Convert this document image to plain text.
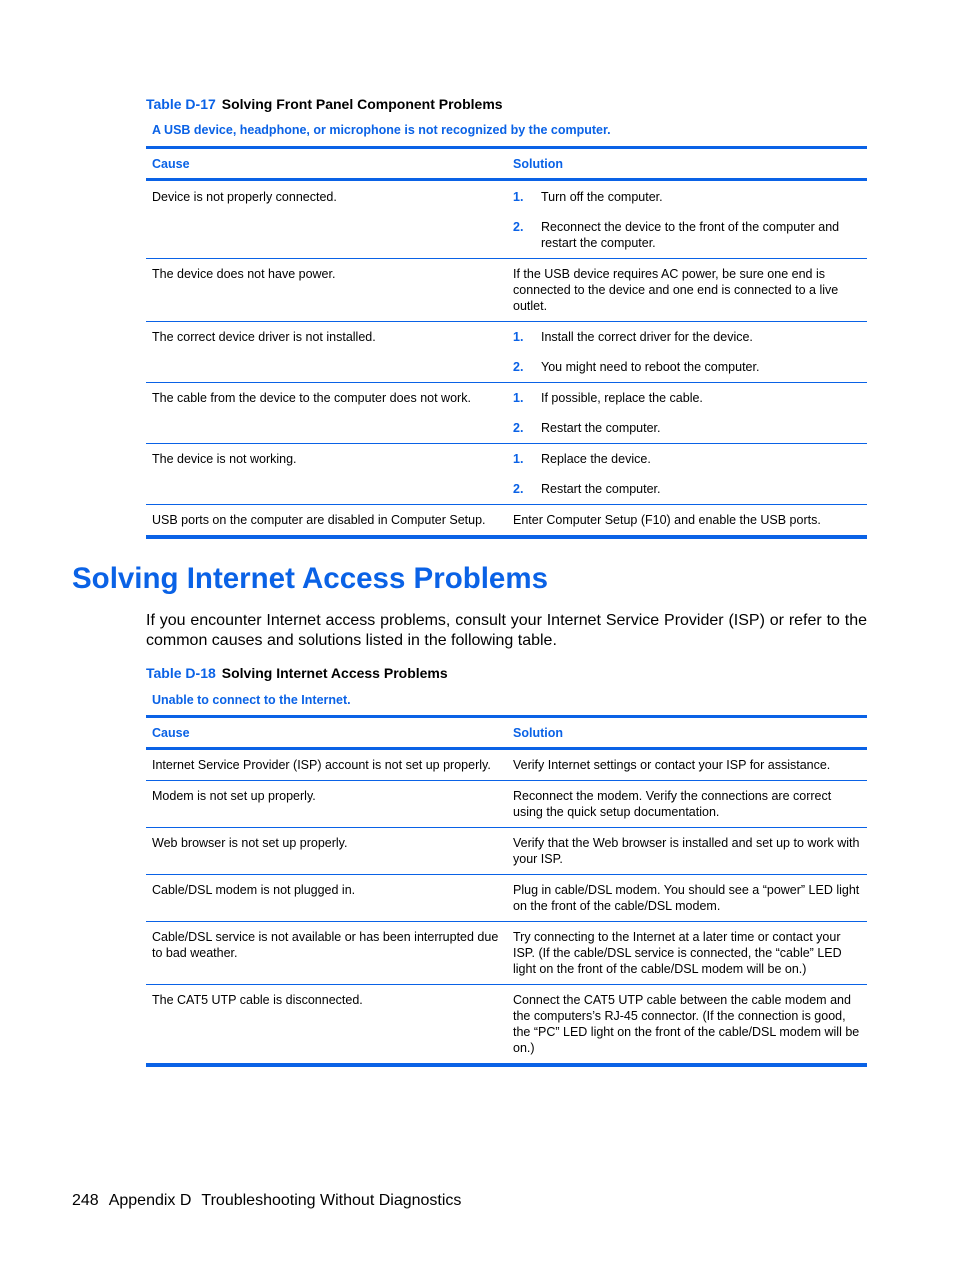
Table D-17 Solving Front Panel Component Problems
A USB device, headphone, or microphone is not recognized by the computer.
Cause	Solution
Device is not properly connected.	1. Turn off the computer.
2. Reconnect the device to the front of the computer and restart the computer.

The device does not have power.	If the USB device requires AC power, be sure one end is connected to the device and one end is connected to a live outlet.
The correct device driver is not installed.	1. Install the correct driver for the device.
2. You might need to reboot the computer.

The cable from the device to the computer does not work.	1. If possible, replace the cable.
2. Restart the computer.

The device is not working.	1. Replace the device.
2. Restart the computer.

USB ports on the computer are disabled in Computer Setup.	Enter Computer Setup (F10) and enable the USB ports.
Solving Internet Access Problems

If you encounter Internet access problems, consult your Internet Service Provider (ISP) or refer to the common causes and solutions listed in the following table.

Table D-18 Solving Internet Access Problems
Unable to connect to the Internet.
Cause	Solution
Internet Service Provider (ISP) account is not set up properly.	Verify Internet settings or contact your ISP for assistance.
Modem is not set up properly.	Reconnect the modem. Verify the connections are correct using the quick setup documentation.
Web browser is not set up properly.	Verify that the Web browser is installed and set up to work with your ISP.
Cable/DSL modem is not plugged in.	Plug in cable/DSL modem. You should see a “power” LED light on the front of the cable/DSL modem.
Cable/DSL service is not available or has been interrupted due to bad weather.	Try connecting to the Internet at a later time or contact your ISP. (If the cable/DSL service is connected, the “cable” LED light on the front of the cable/DSL modem will be on.)
The CAT5 UTP cable is disconnected.	Connect the CAT5 UTP cable between the cable modem and the computers’s RJ-45 connector. (If the connection is good, the “PC” LED light on the front of the cable/DSL modem will be on.)
248 Appendix D Troubleshooting Without Diagnostics
